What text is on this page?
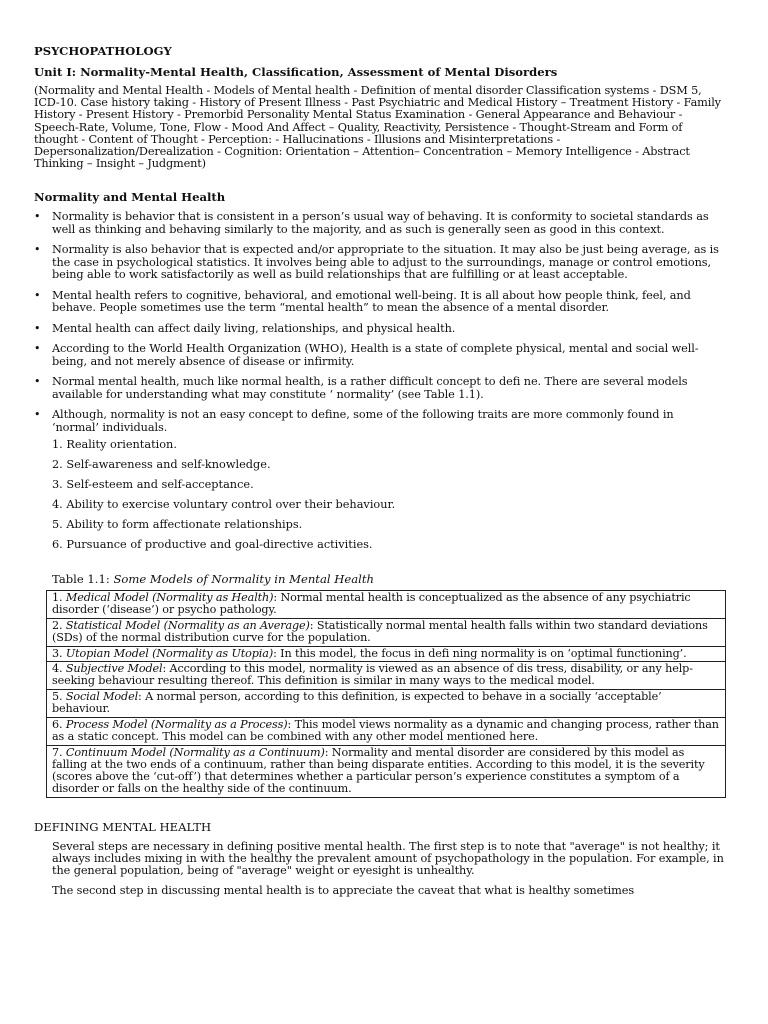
PSYCHOPATHOLOGY

Unit I: Normality-Mental Health, Classification, Assessment of Mental Disorders

(Normality and Mental Health - Models of Mental health - Definition of mental disorder Classification systems - DSM 5, ICD-10. Case history taking - History of Present Illness - Past Psychiatric and Medical History – Treatment History - Family History - Present History - Premorbid Personality Mental Status Examination - General Appearance and Behaviour - Speech-Rate, Volume, Tone, Flow - Mood And Affect – Quality, Reactivity, Persistence - Thought-Stream and Form of thought - Content of Thought - Perception: - Hallucinations - Illusions and Misinterpretations -Depersonalization/Derealization - Cognition: Orientation – Attention– Concentration – Memory Intelligence - Abstract Thinking – Insight – Judgment)

Normality and Mental Health

• Normality is behavior that is consistent in a person’s usual way of behaving. It is conformity to societal standards as well as thinking and behaving similarly to the majority, and as such is generally seen as good in this context.
• Normality is also behavior that is expected and/or appropriate to the situation. It may also be just being average, as is the case in psychological statistics. It involves being able to adjust to the surroundings, manage or control emotions, being able to work satisfactorily as well as build relationships that are fulfilling or at least acceptable.
• Mental health refers to cognitive, behavioral, and emotional well-being. It is all about how people think, feel, and behave. People sometimes use the term “mental health” to mean the absence of a mental disorder.
• Mental health can affect daily living, relationships, and physical health.
• According to the World Health Organization (WHO), Health is a state of complete physical, mental and social well-being, and not merely absence of disease or infirmity.
• Normal mental health, much like normal health, is a rather difficult concept to defi ne. There are several models available for understanding what may constitute ‘ normality’ (see Table 1.1).
• Although, normality is not an easy concept to define, some of the following traits are more commonly found in ‘normal’ individuals.
1. Reality orientation.
2. Self-awareness and self-knowledge.
3. Self-esteem and self-acceptance.
4. Ability to exercise voluntary control over their behaviour.
5. Ability to form affectionate relationships.
6. Pursuance of productive and goal-directive activities.

Table 1.1: Some Models of Normality in Mental Health

1. Medical Model (Normality as Health): Normal mental health is conceptualized as the absence of any psychiatric disorder (‘disease’) or psycho pathology.
2. Statistical Model (Normality as an Average): Statistically normal mental health falls within two standard deviations (SDs) of the normal distribution curve for the population.
3. Utopian Model (Normality as Utopia): In this model, the focus in defi ning normality is on ‘optimal functioning’.
4. Subjective Model: According to this model, normality is viewed as an absence of dis tress, disability, or any help-seeking behaviour resulting thereof. This definition is similar in many ways to the medical model.
5. Social Model: A normal person, according to this definition, is expected to behave in a socially ‘acceptable’ behaviour.
6. Process Model (Normality as a Process): This model views normality as a dynamic and changing process, rather than as a static concept. This model can be combined with any other model mentioned here.
7. Continuum Model (Normality as a Continuum): Normality and mental disorder are considered by this model as falling at the two ends of a continuum, rather than being disparate entities. According to this model, it is the severity (scores above the ‘cut-off’) that determines whether a particular person’s experience constitutes a symptom of a disorder or falls on the healthy side of the continuum.

DEFINING MENTAL HEALTH

Several steps are necessary in defining positive mental health. The first step is to note that "average" is not healthy; it always includes mixing in with the healthy the prevalent amount of psychopathology in the population. For example, in the general population, being of "average" weight or eyesight is unhealthy.

The second step in discussing mental health is to appreciate the caveat that what is healthy sometimes
